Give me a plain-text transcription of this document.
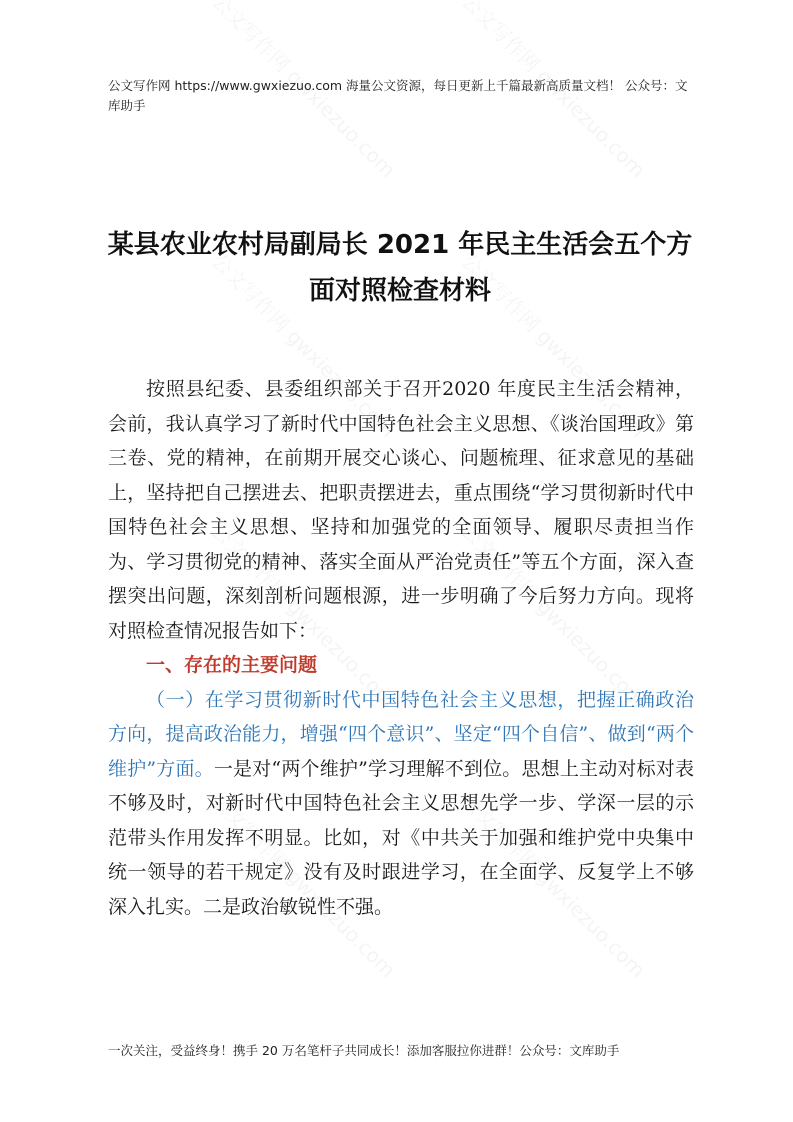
公文写作网 https://www.gwxiezuo.com 海量公文资源，每日更新上千篇最新高质量文档！ 公众号：文库助手
某县农业农村局副局长 2021 年民主生活会五个方面对照检查材料

按照县纪委、县委组织部关于召开2020 年度民主生活会精神，会前，我认真学习了新时代中国特色社会主义思想、《谈治国理政》第三卷、党的精神，在前期开展交心谈心、问题梳理、征求意见的基础上，坚持把自己摆进去、把职责摆进去，重点围绕“学习贯彻新时代中国特色社会主义思想、坚持和加强党的全面领导、履职尽责担当作为、学习贯彻党的精神、落实全面从严治党责任”等五个方面，深入查摆突出问题，深刻剖析问题根源，进一步明确了今后努力方向。现将对照检查情况报告如下：

一、存在的主要问题

（一）在学习贯彻新时代中国特色社会主义思想，把握正确政治方向，提高政治能力，增强“四个意识”、坚定“四个自信”、做到“两个维护”方面。一是对“两个维护”学习理解不到位。思想上主动对标对表不够及时，对新时代中国特色社会主义思想先学一步、学深一层的示范带头作用发挥不明显。比如，对《中共关于加强和维护党中央集中统一领导的若干规定》没有及时跟进学习，在全面学、反复学上不够深入扎实。二是政治敏锐性不强。

一次关注，受益终身！携手 20 万名笔杆子共同成长！添加客服拉你进群！公众号：文库助手
